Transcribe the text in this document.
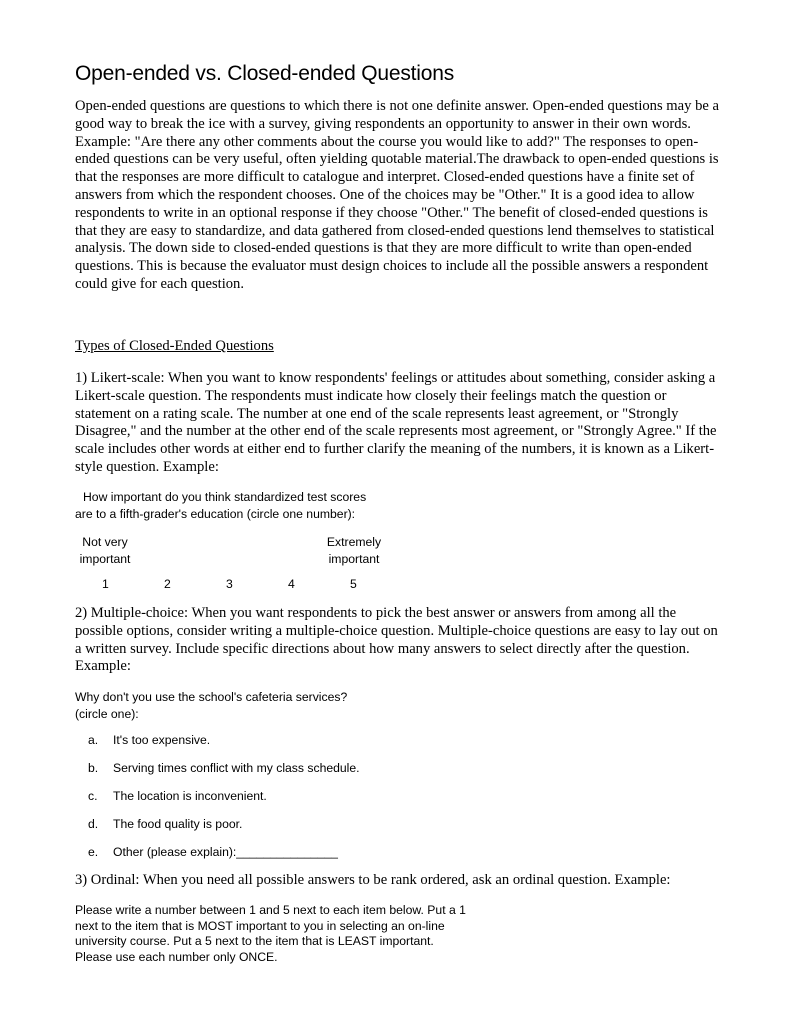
Open-ended vs. Closed-ended Questions

Open-ended questions are questions to which there is not one definite answer. Open-ended questions may be a good way to break the ice with a survey, giving respondents an opportunity to answer in their own words. Example: "Are there any other comments about the course you would like to add?" The responses to open-ended questions can be very useful, often yielding quotable material.The drawback to open-ended questions is that the responses are more difficult to catalogue and interpret. Closed-ended questions have a finite set of answers from which the respondent chooses. One of the choices may be "Other." It is a good idea to allow respondents to write in an optional response if they choose "Other." The benefit of closed-ended questions is that they are easy to standardize, and data gathered from closed-ended questions lend themselves to statistical analysis. The down side to closed-ended questions is that they are more difficult to write than open-ended questions. This is because the evaluator must design choices to include all the possible answers a respondent could give for each question.

Types of Closed-Ended Questions

1) Likert-scale: When you want to know respondents' feelings or attitudes about something, consider asking a Likert-scale question. The respondents must indicate how closely their feelings match the question or statement on a rating scale. The number at one end of the scale represents least agreement, or "Strongly Disagree," and the number at the other end of the scale represents most agreement, or "Strongly Agree." If the scale includes other words at either end to further clarify the meaning of the numbers, it is known as a Likert-style question. Example:

How important do you think standardized test scores
are to a fifth-grader's education (circle one number):
Not very
important
Extremely
important
1	2	3	4	5

2) Multiple-choice: When you want respondents to pick the best answer or answers from among all the possible options, consider writing a multiple-choice question. Multiple-choice questions are easy to lay out on a written survey. Include specific directions about how many answers to select directly after the question. Example:

Why don't you use the school's cafeteria services?
(circle one):
a. It's too expensive.
b. Serving times conflict with my class schedule.
c. The location is inconvenient.
d. The food quality is poor.
e. Other (please explain):_______________

3) Ordinal: When you need all possible answers to be rank ordered, ask an ordinal question. Example:

Please write a number between 1 and 5 next to each item below. Put a 1
next to the item that is MOST important to you in selecting an on-line
university course. Put a 5 next to the item that is LEAST important.
Please use each number only ONCE.
